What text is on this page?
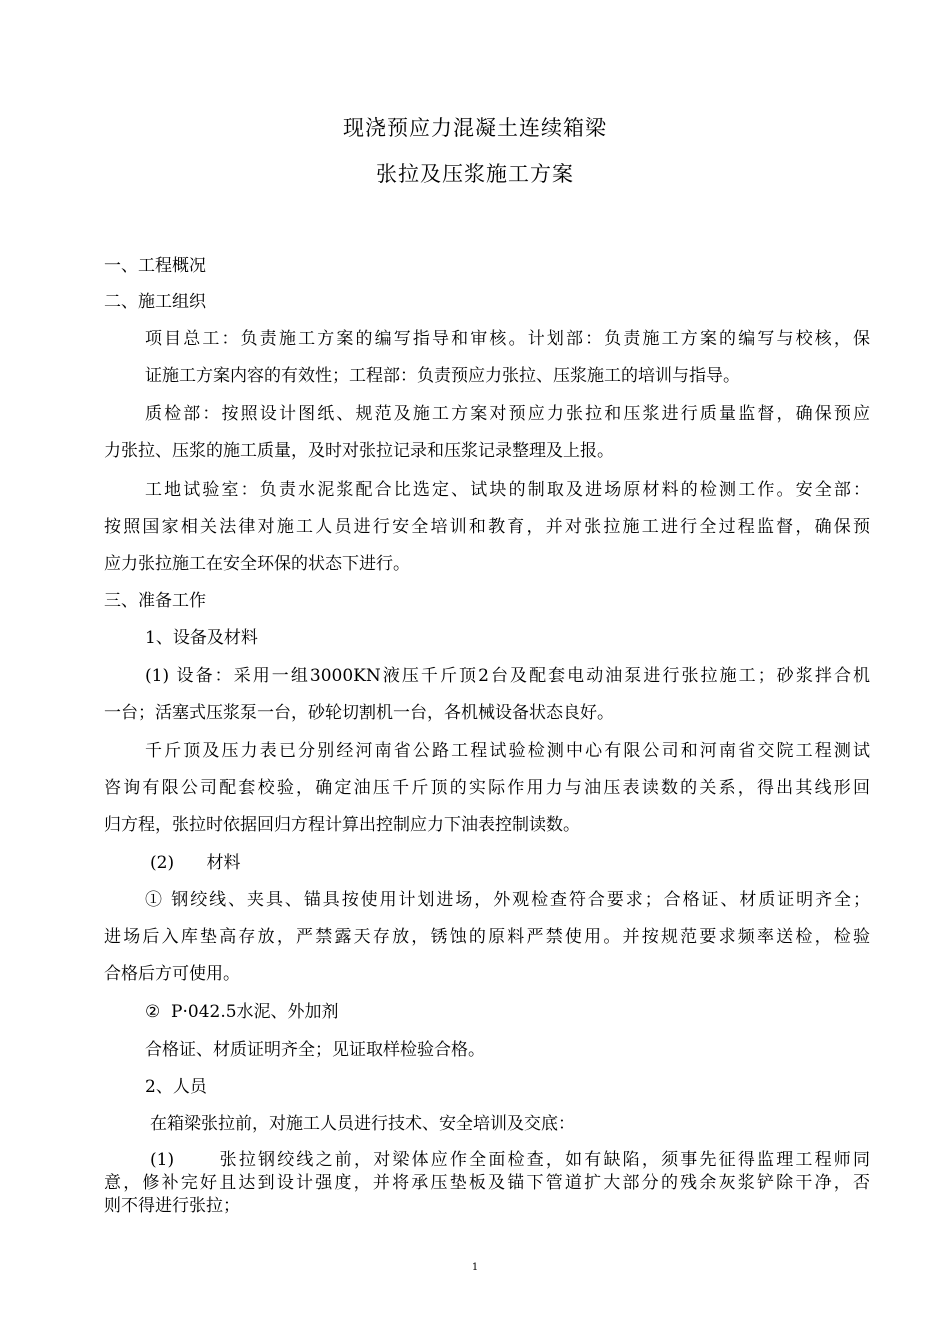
现浇预应力混凝土连续箱梁
张拉及压浆施工方案
一、工程概况
二、施工组织
项目总工：负责施工方案的编写指导和审核。计划部：负责施工方案的编写与校核，保
证施工方案内容的有效性；工程部：负责预应力张拉、压浆施工的培训与指导。
质检部：按照设计图纸、规范及施工方案对预应力张拉和压浆进行质量监督，确保预应
力张拉、压浆的施工质量，及时对张拉记录和压浆记录整理及上报。
工地试验室：负责水泥浆配合比选定、试块的制取及进场原材料的检测工作。安全部：
按照国家相关法律对施工人员进行安全培训和教育，并对张拉施工进行全过程监督，确保预
应力张拉施工在安全环保的状态下进行。
三、准备工作
1、设备及材料
(1) 设备：采用一组3000KN液压千斤顶2台及配套电动油泵进行张拉施工；砂浆拌合机
一台；活塞式压浆泵一台，砂轮切割机一台，各机械设备状态良好。
千斤顶及压力表已分别经河南省公路工程试验检测中心有限公司和河南省交院工程测试
咨询有限公司配套校验，确定油压千斤顶的实际作用力与油压表读数的关系，得出其线形回
归方程，张拉时依据回归方程计算出控制应力下油表控制读数。
(2)      材料
① 钢绞线、夹具、锚具按使用计划进场，外观检查符合要求；合格证、材质证明齐全；
进场后入库垫高存放，严禁露天存放，锈蚀的原料严禁使用。并按规范要求频率送检，检验
合格后方可使用。
②  P·042.5水泥、外加剂
合格证、材质证明齐全；见证取样检验合格。
2、人员
在箱梁张拉前，对施工人员进行技术、安全培训及交底：
(1)      张拉钢绞线之前，对梁体应作全面检查，如有缺陷，须事先征得监理工程师同
意，修补完好且达到设计强度，并将承压垫板及锚下管道扩大部分的残余灰浆铲除干净，否
则不得进行张拉；
1
